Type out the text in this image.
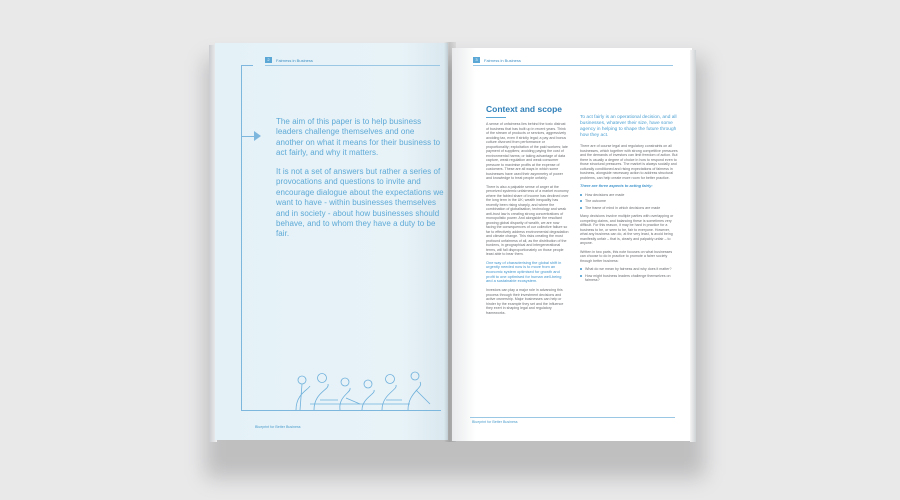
2	Fairness in Business
Blueprint for Better Business
The aim of this paper is to help business leaders challenge themselves and one another on what it means for their business to act fairly, and why it matters.
It is not a set of answers but rather a series of provocations and questions to invite and encourage dialogue about the expectations we want to have - within businesses themselves and in society - about how businesses should behave, and to whom they have a duty to be fair.
3	Fairness in Business
Blueprint for Better Business
Context and scope

A sense of unfairness lies behind the toxic distrust of business that has built up in recent years. Think of the stream of products or services, aggressively avoiding tax, even if strictly legal; a pay and bonus culture divorced from performance or proportionality; exploitation of the paid workers; late payment of suppliers; avoiding paying the cost of environmental harms; or taking advantage of data capture, weak regulation and weak consumer pressure to maximise profits at the expense of customers. These are all ways in which some businesses have used their asymmetry of power and knowledge to treat people unfairly.

There is also a palpable sense of anger at the perceived systemic unfairness of a market economy where the fabled share of income has declined over the long term in the UK; wealth inequality has recently been rising sharply, and where the combination of globalisation, technology and weak anti-trust law is creating strong concentrations of monopolistic power. And alongside the resultant growing global disparity of wealth, we are now facing the consequences of our collective failure so far to effectively address environmental degradation and climate change. This risks creating the most profound unfairness of all, as the distribution of the burdens, in geographical and intergenerational terms, will fall disproportionately on those people least able to bear them.

One way of characterising the global shift in urgently needed now is to move from an economic system optimised for growth and profit to one optimised for human well-being and a sustainable ecosystem.

Investors can play a major role in advancing this process through their investment decisions and active ownership. Major businesses can help or hinder by the example they set and the influence they exert in shaping legal and regulatory frameworks.

To act fairly is an operational decision, and all businesses, whatever their size, have some agency in helping to shape the future through how they act.

There are of course legal and regulatory constraints on all businesses, which together with strong competitive pressures and the demands of investors can limit freedom of action. But there is usually a degree of choice in how to respond even to those structural pressures. The market is always socially and culturally conditioned and rising expectations of fairness in business, alongside necessary action to address structural problems, can help create more room for better practice.

There are three aspects to acting fairly:

How decisions are made
The outcome
The frame of mind in which decisions are made

Many decisions involve multiple parties with overlapping or competing claims, and balancing these is sometimes very difficult. For this reason, it may be hard in practice for a business to be, or seen to be, fair to everyone. However, what any business can do, at the very least, is avoid being manifestly unfair – that is, clearly and palpably unfair – to anyone.

Written in two parts, this note focuses on what businesses can choose to do in practice to promote a fairer society through better business:

What do we mean by fairness and why does it matter?
How might business leaders challenge themselves on fairness?
